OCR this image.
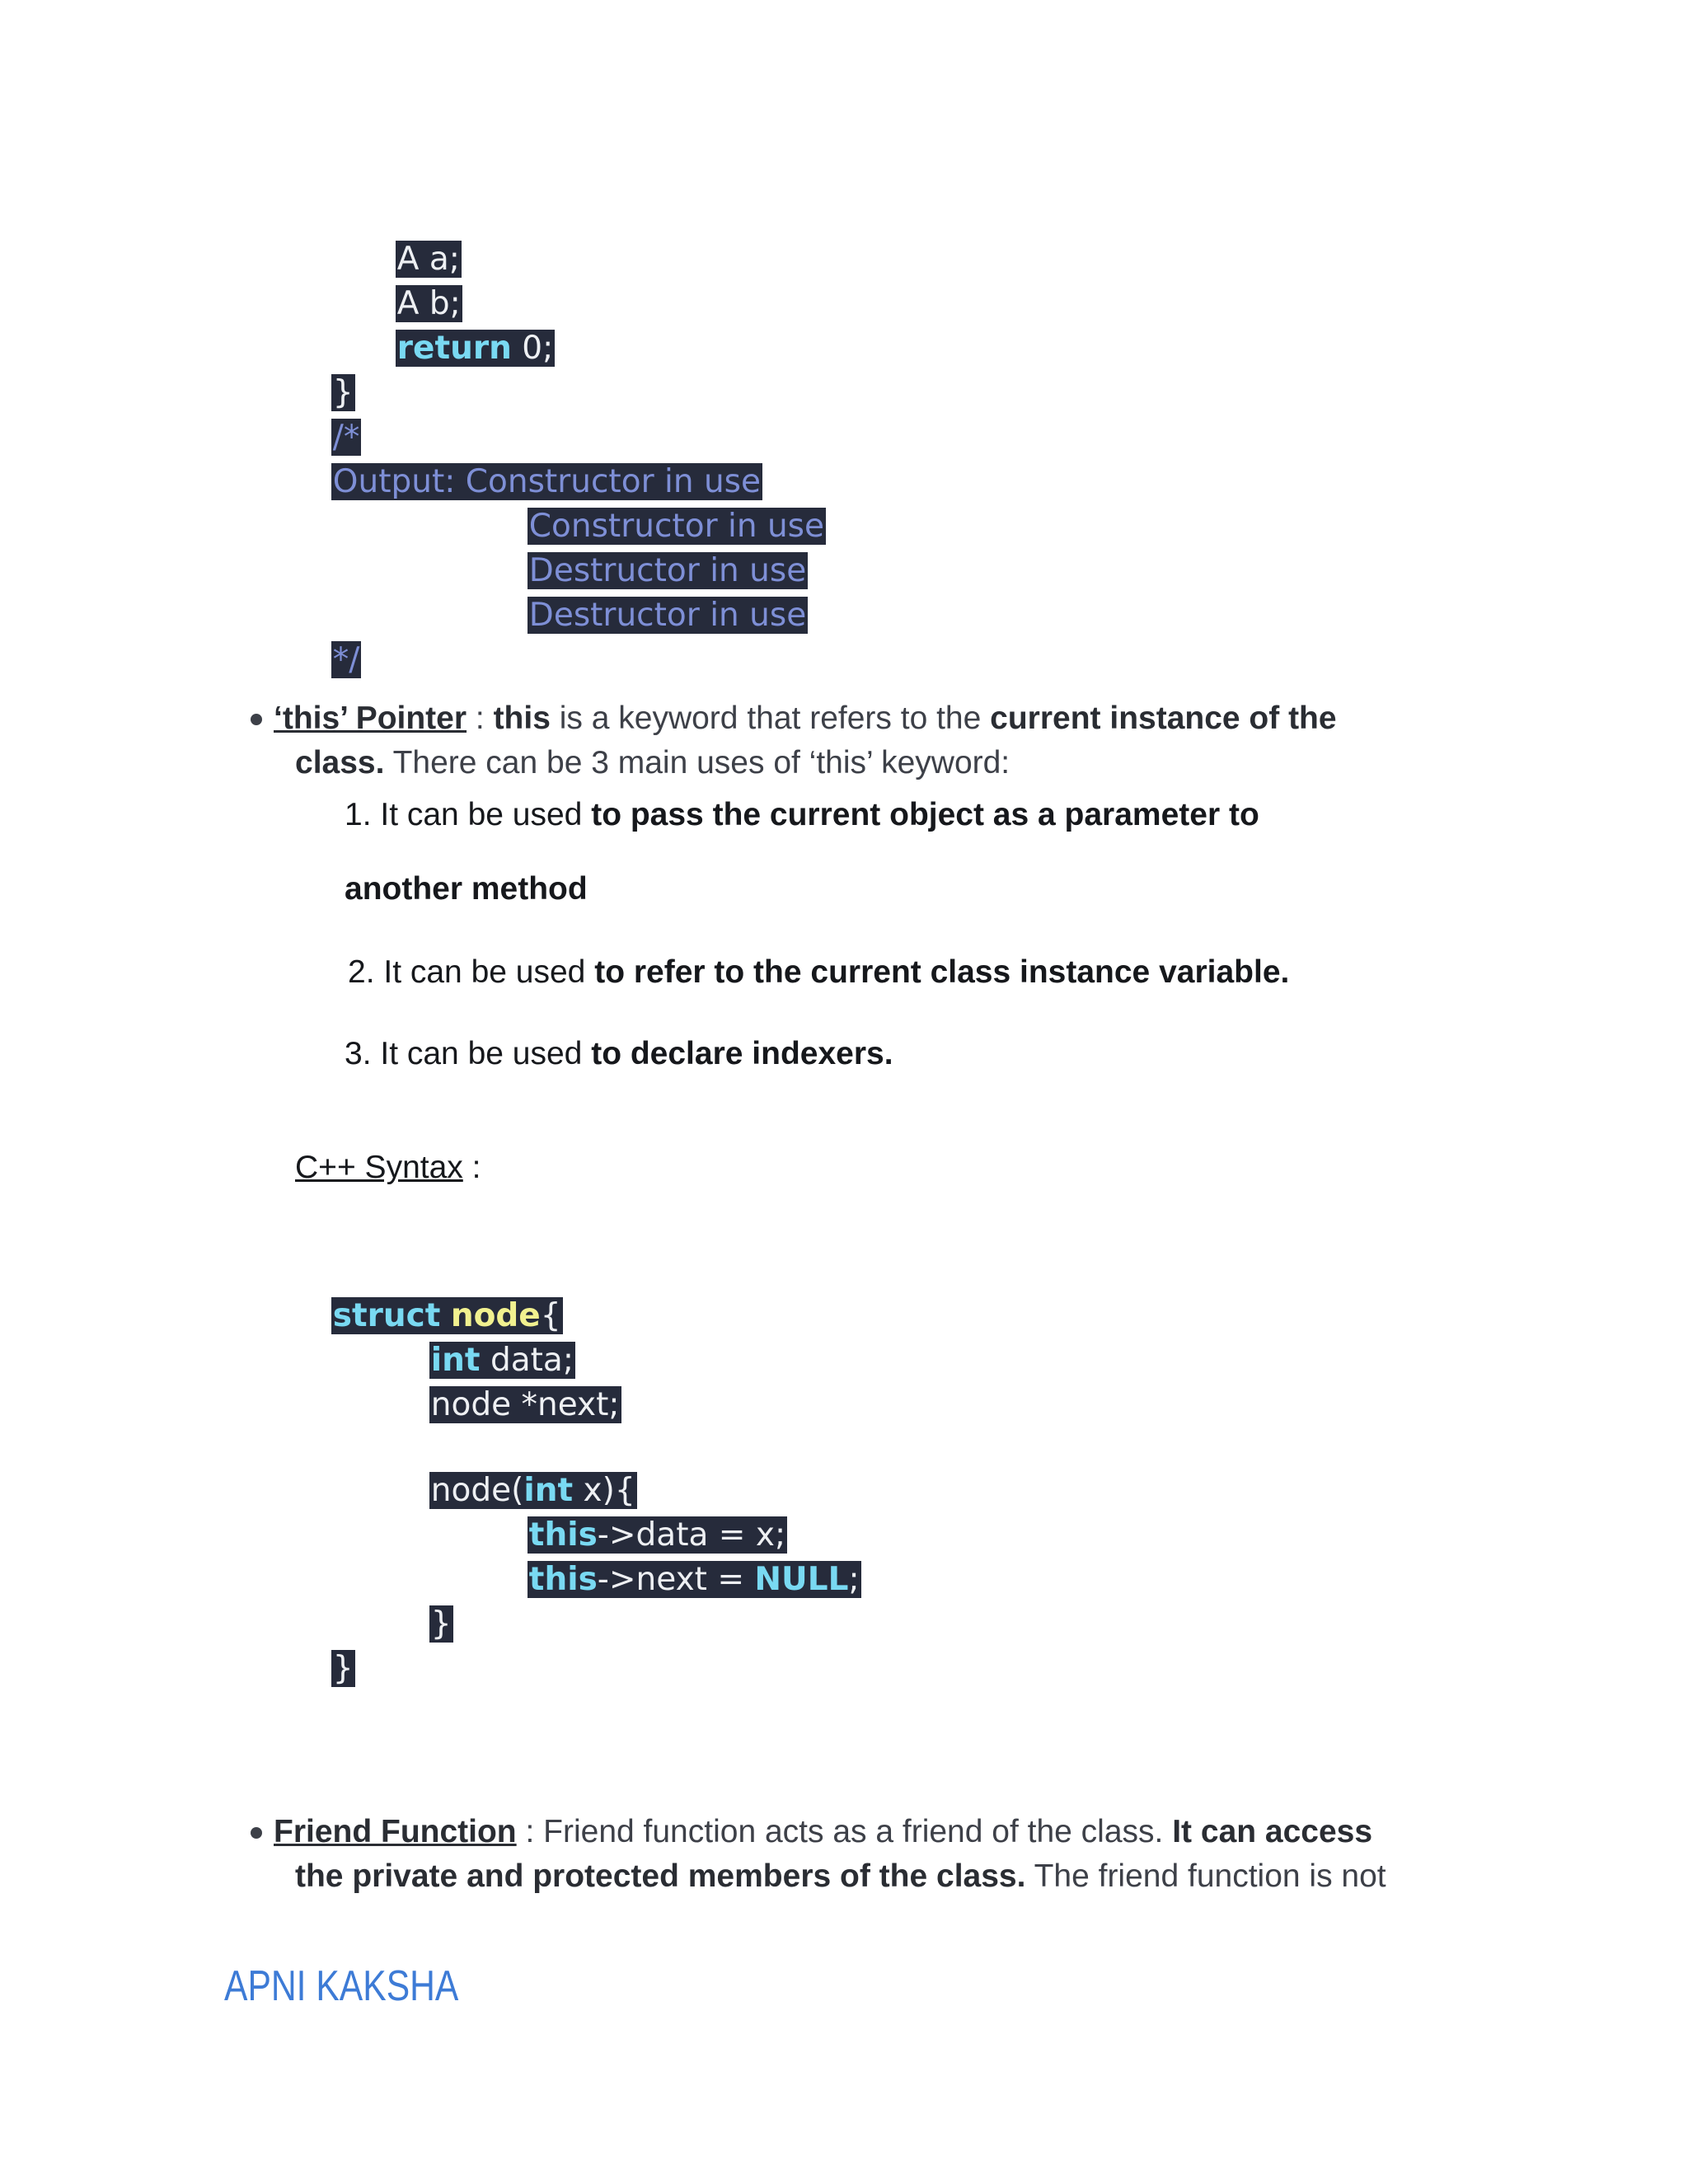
A a;

A b;

return 0;

}

/*

Output: Constructor in use

Constructor in use

Destructor in use

Destructor in use

*/

‘this’ Pointer : this is a keyword that refers to the current instance of the
class. There can be 3 main uses of ‘this’ keyword:
1. It can be used to pass the current object as a parameter to
another method
2. It can be used to refer to the current class instance variable.
3. It can be used to declare indexers.
C++ Syntax :

struct node{

int data;

node *next;

node(int x){

this->data = x;

this->next = NULL;

}

}

Friend Function : Friend function acts as a friend of the class. It can access
the private and protected members of the class. The friend function is not
APNI KAKSHA
